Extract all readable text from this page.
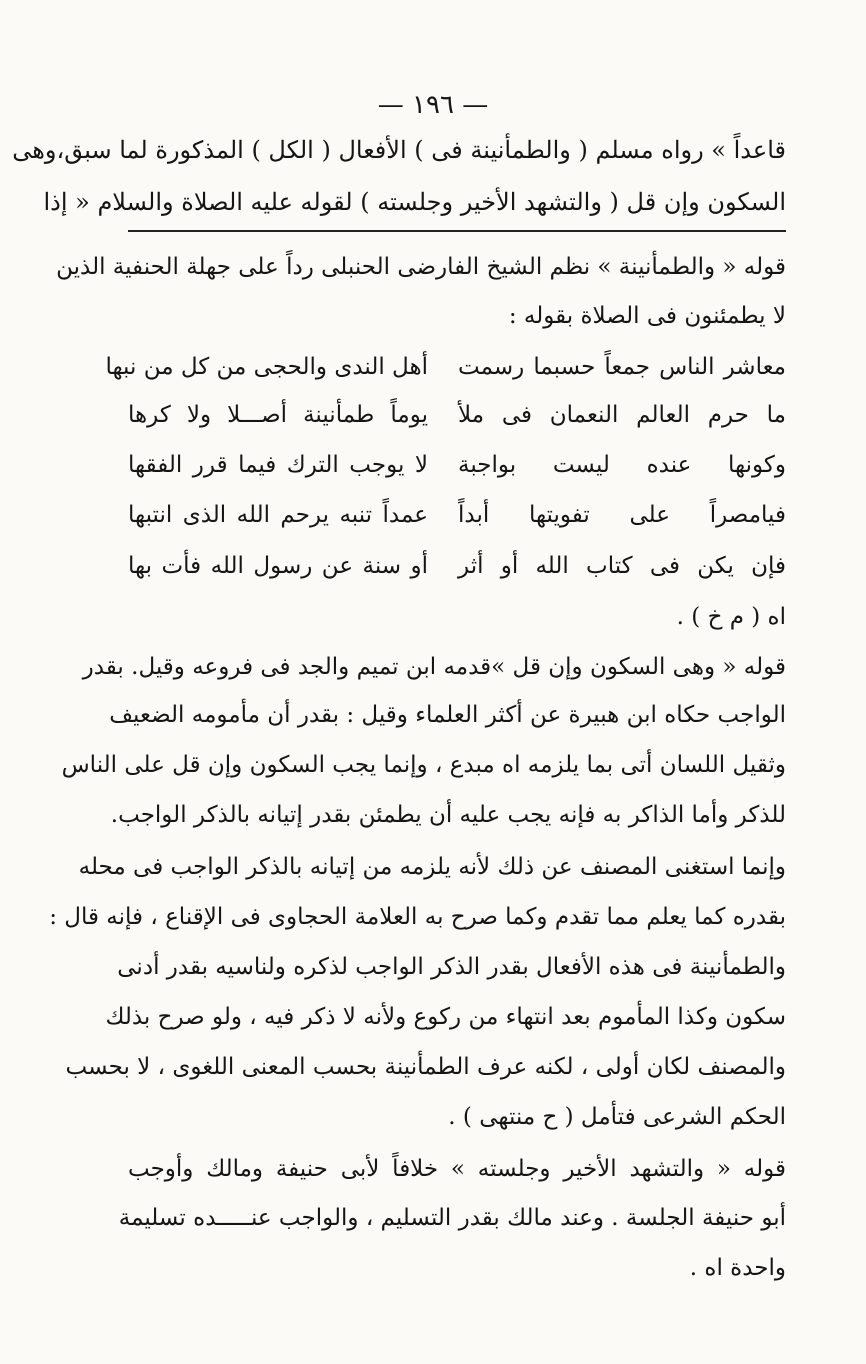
— ١٩٦ —
قاعداً » رواه مسلم ( والطمأنينة فى ) الأفعال ( الكل ) المذكورة لما سبق،وهى
السكون وإن قل ( والتشهد الأخير وجلسته ) لقوله عليه الصلاة والسلام « إذا
قوله « والطمأنينة » نظم الشيخ الفارضى الحنبلى رداً على جهلة الحنفية الذين
لا يطمئنون فى الصلاة بقوله :
معاشر الناس جمعاً حسبما رسمت
أهل الندى والحجى من كل من نبها
ما حرم العالم النعمان فى ملأ
يوماً طمأنينة أصـــلا ولا كرها
وكونها عنده ليست بواجبة
لا يوجب الترك فيما قرر الفقها
فيامصراً على تفويتها أبداً
عمداً تنبه يرحم الله الذى انتبها
فإن يكن فى كتاب الله أو أثر
أو سنة عن رسول الله فأت بها
اه ( م خ ) .
قوله « وهى السكون وإن قل »قدمه ابن تميم والجد فى فروعه وقيل. بقدر
الواجب حكاه ابن هبيرة عن أكثر العلماء وقيل : بقدر أن مأمومه الضعيف
وثقيل اللسان أتى بما يلزمه اه مبدع ، وإنما يجب السكون وإن قل على الناس
للذكر وأما الذاكر به فإنه يجب عليه أن يطمئن بقدر إتيانه بالذكر الواجب.
وإنما استغنى المصنف عن ذلك لأنه يلزمه من إتيانه بالذكر الواجب فى محله
بقدره كما يعلم مما تقدم وكما صرح به العلامة الحجاوى فى الإقناع ، فإنه قال :
والطمأنينة فى هذه الأفعال بقدر الذكر الواجب لذكره ولناسيه بقدر أدنى
سكون وكذا المأموم بعد انتهاء من ركوع ولأنه لا ذكر فيه ، ولو صرح بذلك
والمصنف لكان أولى ، لكنه عرف الطمأنينة بحسب المعنى اللغوى ، لا بحسب
الحكم الشرعى فتأمل ( ح منتهى ) .
قوله « والتشهد الأخير وجلسته » خلافاً لأبى حنيفة ومالك وأوجب
أبو حنيفة الجلسة . وعند مالك بقدر التسليم ، والواجب عنـــــده تسليمة
واحدة اه .
